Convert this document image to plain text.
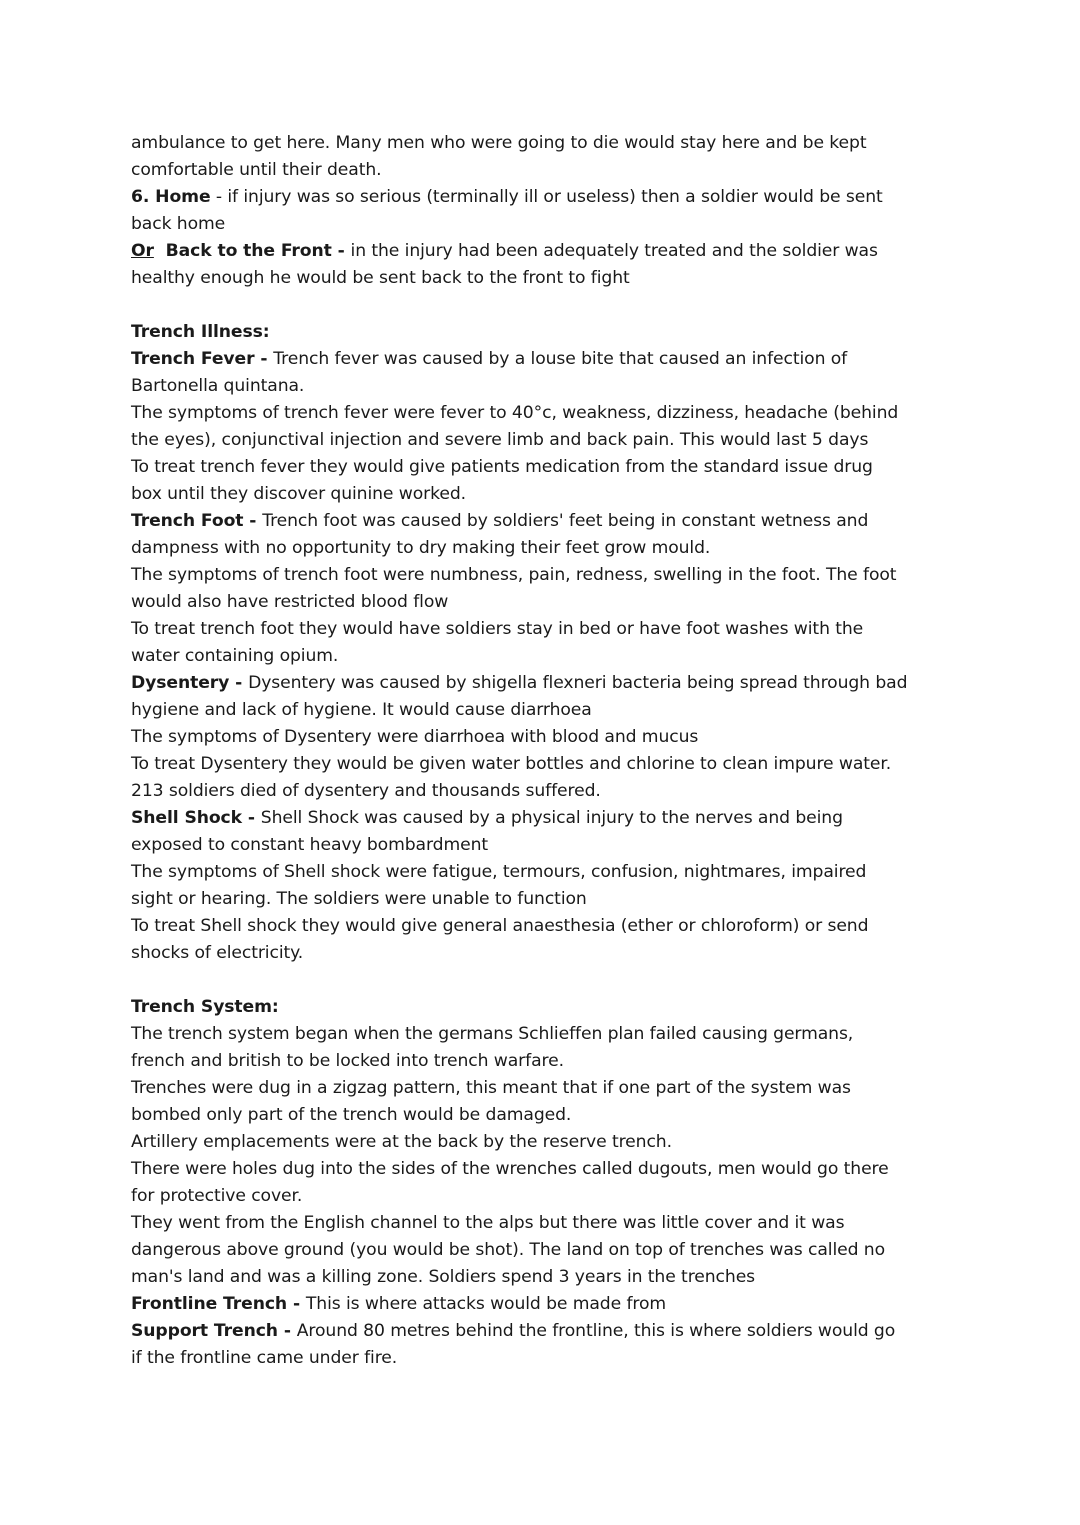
ambulance to get here. Many men who were going to die would stay here and be kept
comfortable until their death.
6. Home - if injury was so serious (terminally ill or useless) then a soldier would be sent
back home
Or  Back to the Front - in the injury had been adequately treated and the soldier was
healthy enough he would be sent back to the front to fight
Trench Illness:
Trench Fever - Trench fever was caused by a louse bite that caused an infection of
Bartonella quintana.
The symptoms of trench fever were fever to 40°c, weakness, dizziness, headache (behind
the eyes), conjunctival injection and severe limb and back pain. This would last 5 days
To treat trench fever they would give patients medication from the standard issue drug
box until they discover quinine worked.
Trench Foot - Trench foot was caused by soldiers' feet being in constant wetness and
dampness with no opportunity to dry making their feet grow mould.
The symptoms of trench foot were numbness, pain, redness, swelling in the foot. The foot
would also have restricted blood flow
To treat trench foot they would have soldiers stay in bed or have foot washes with the
water containing opium.
Dysentery - Dysentery was caused by shigella flexneri bacteria being spread through bad
hygiene and lack of hygiene. It would cause diarrhoea
The symptoms of Dysentery were diarrhoea with blood and mucus
To treat Dysentery they would be given water bottles and chlorine to clean impure water.
213 soldiers died of dysentery and thousands suffered.
Shell Shock - Shell Shock was caused by a physical injury to the nerves and being
exposed to constant heavy bombardment
The symptoms of Shell shock were fatigue, termours, confusion, nightmares, impaired
sight or hearing. The soldiers were unable to function
To treat Shell shock they would give general anaesthesia (ether or chloroform) or send
shocks of electricity.
Trench System:
The trench system began when the germans Schlieffen plan failed causing germans,
french and british to be locked into trench warfare.
Trenches were dug in a zigzag pattern, this meant that if one part of the system was
bombed only part of the trench would be damaged.
Artillery emplacements were at the back by the reserve trench.
There were holes dug into the sides of the wrenches called dugouts, men would go there
for protective cover.
They went from the English channel to the alps but there was little cover and it was
dangerous above ground (you would be shot). The land on top of trenches was called no
man's land and was a killing zone. Soldiers spend 3 years in the trenches
Frontline Trench - This is where attacks would be made from
Support Trench - Around 80 metres behind the frontline, this is where soldiers would go
if the frontline came under fire.
